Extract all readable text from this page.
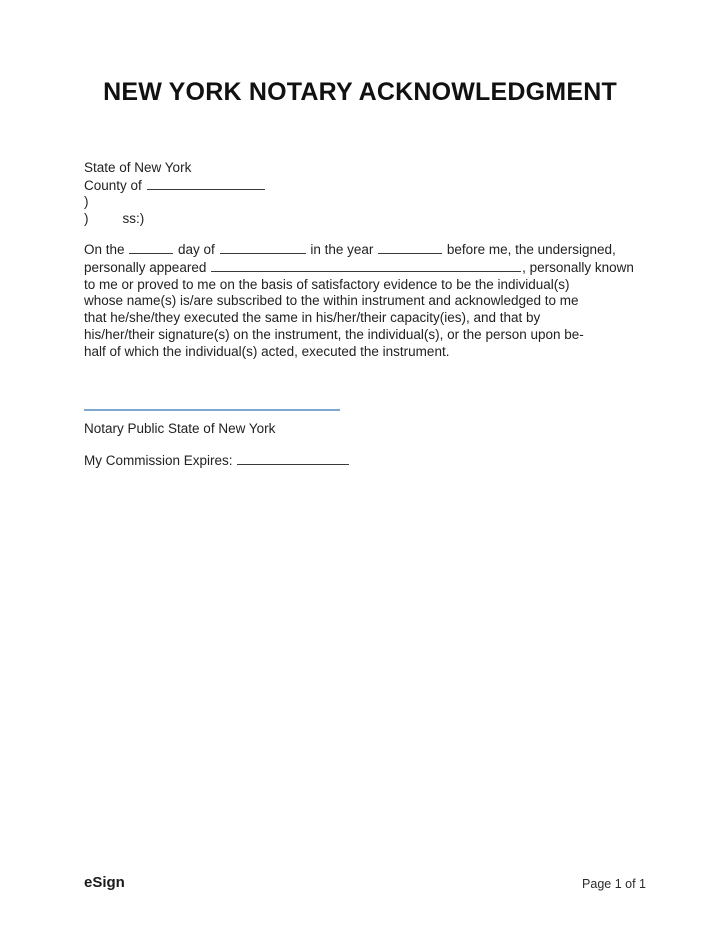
NEW YORK NOTARY ACKNOWLEDGMENT
State of New York
County of
)
)	ss:)
On the	day of	in the year	before me, the undersigned,
personally appeared	, personally known
to me or proved to me on the basis of satisfactory evidence to be the individual(s)
whose name(s) is/are subscribed to the within instrument and acknowledged to me
that he/she/they executed the same in his/her/their capacity(ies), and that by
his/her/their signature(s) on the instrument, the individual(s), or the person upon be-
half of which the individual(s) acted, executed the instrument.
Notary Public State of New York
My Commission Expires:
eSign	Page 1 of 1
